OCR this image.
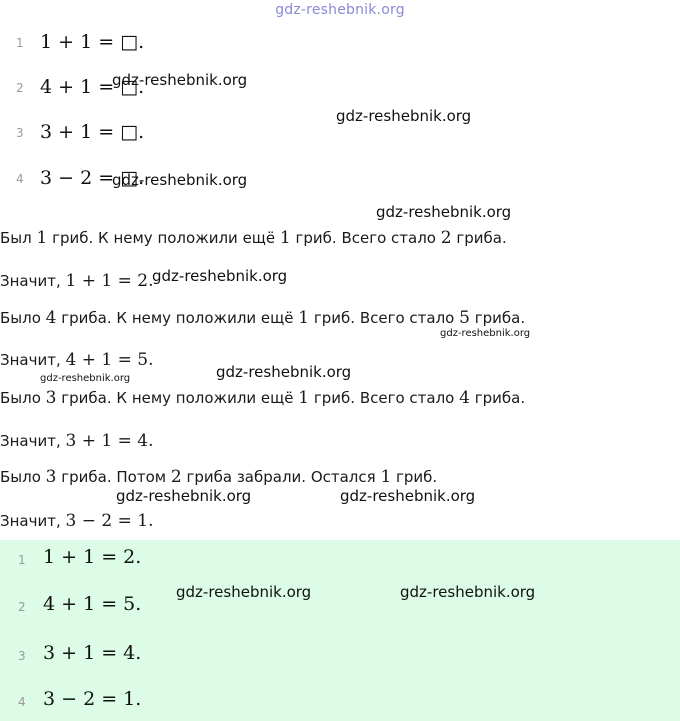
gdz-reshebnik.org
1 1 + 1 = □.
2 4 + 1 = □.
3 3 + 1 = □.
4 3 − 2 = □.
Был 1 гриб. К нему положили ещё 1 гриб. Всего стало 2 гриба.
Значит, 1 + 1 = 2.
Было 4 гриба. К нему положили ещё 1 гриб. Всего стало 5 гриба.
Значит, 4 + 1 = 5.
Было 3 гриба. К нему положили ещё 1 гриб. Всего стало 4 гриба.
Значит, 3 + 1 = 4.
Было 3 гриба. Потом 2 гриба забрали. Остался 1 гриб.
Значит, 3 − 2 = 1.
1 1 + 1 = 2.
2 4 + 1 = 5.
3 3 + 1 = 4.
4 3 − 2 = 1.
gdz-reshebnik.org
gdz-reshebnik.org
gdz-reshebnik.org
gdz-reshebnik.org
gdz-reshebnik.org
gdz-reshebnik.org
gdz-reshebnik.org
gdz-reshebnik.org
gdz-reshebnik.org	gdz-reshebnik.org
gdz-reshebnik.org	gdz-reshebnik.org
